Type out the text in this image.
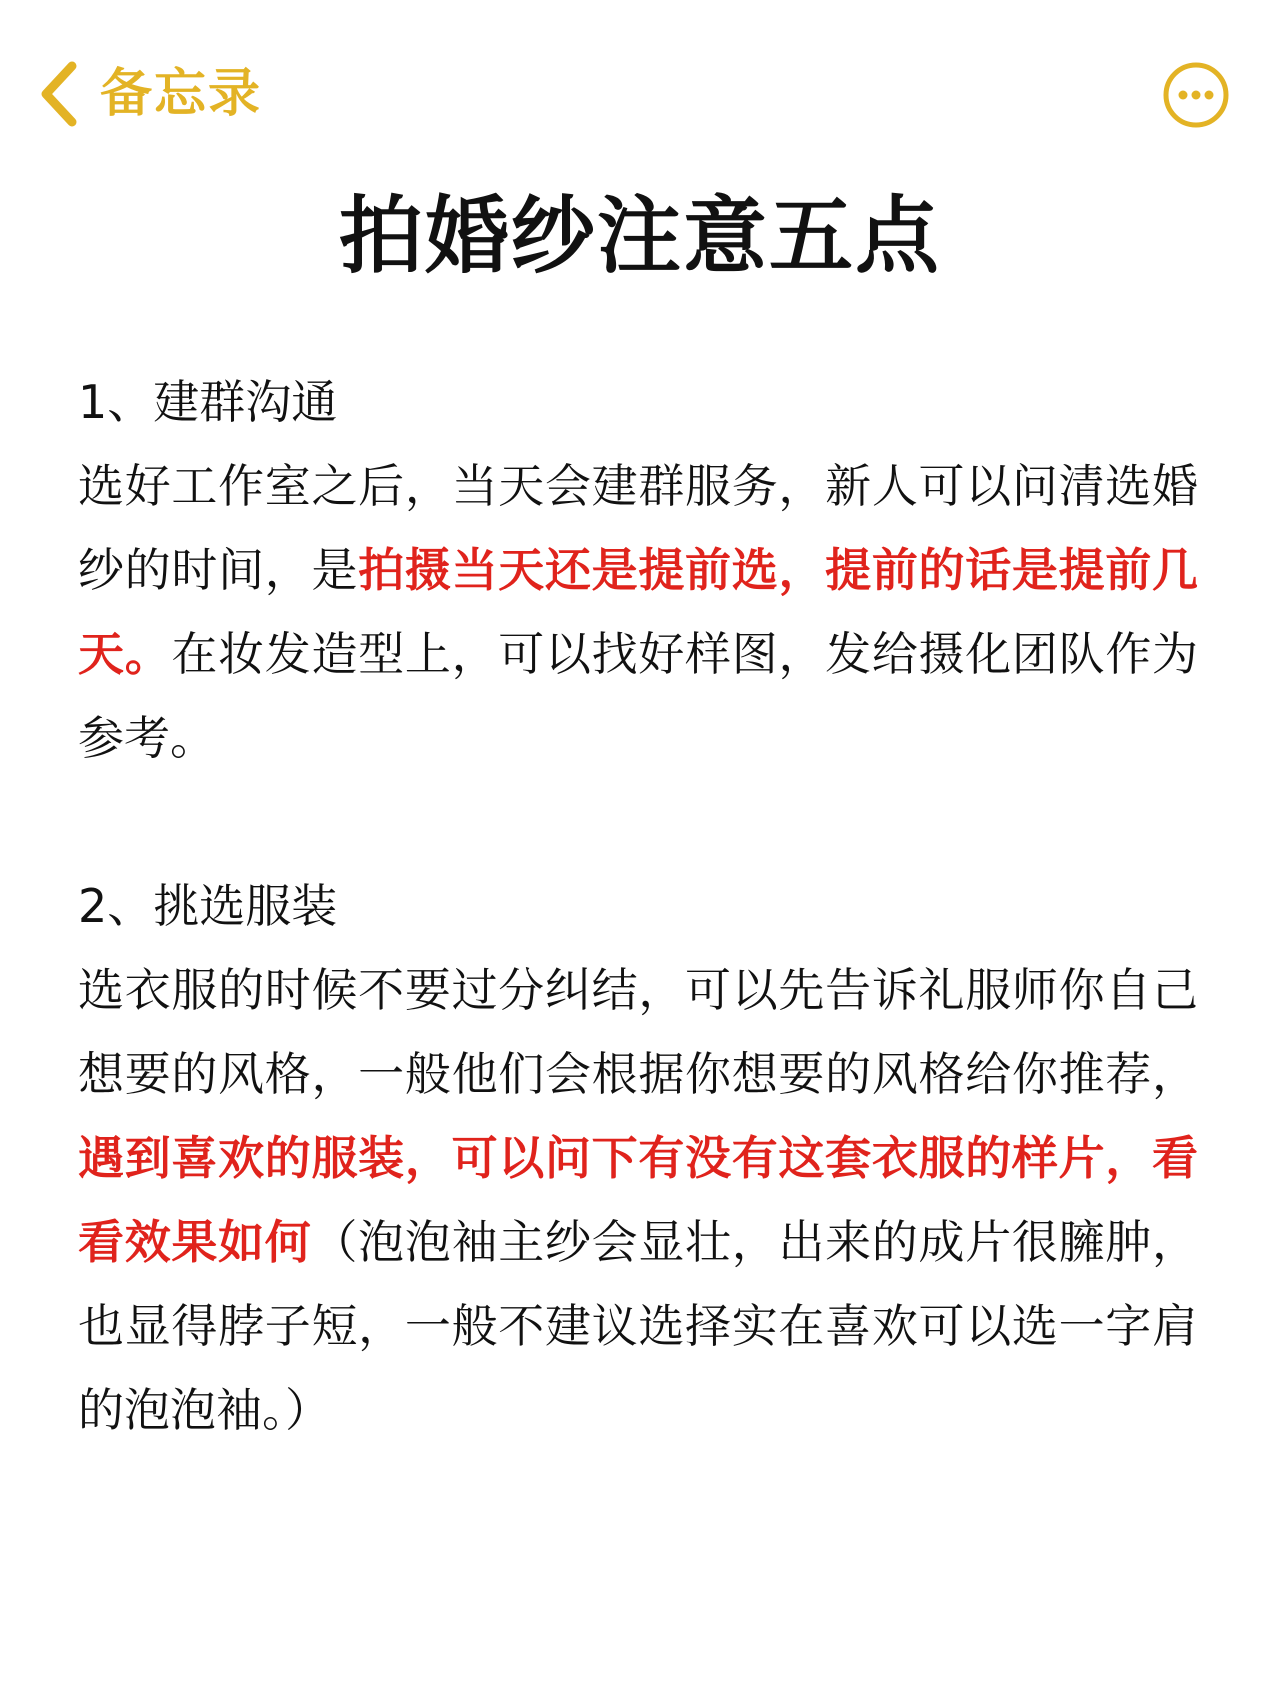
备忘录
拍婚纱注意五点

1、建群沟通

选好工作室之后，当天会建群服务，新人可以问清选婚纱的时间，是拍摄当天还是提前选，提前的话是提前几天。在妆发造型上，可以找好样图，发给摄化团队作为参考。

2、挑选服装

选衣服的时候不要过分纠结，可以先告诉礼服师你自己想要的风格，一般他们会根据你想要的风格给你推荐，遇到喜欢的服装，可以问下有没有这套衣服的样片，看看效果如何（泡泡袖主纱会显壮，出来的成片很臃肿，也显得脖子短，一般不建议选择实在喜欢可以选一字肩的泡泡袖。）
